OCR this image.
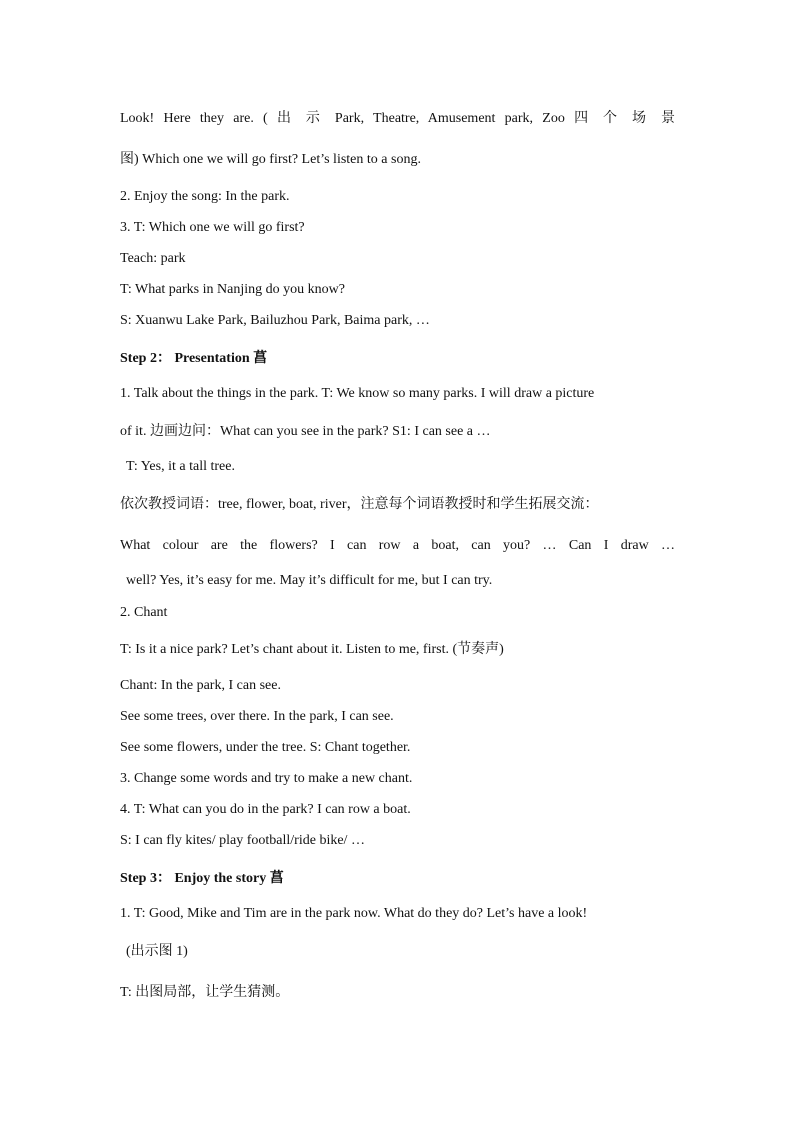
Look! Here they are. ( 出 示 Park, Theatre, Amusement park, Zoo 四 个 场 景
图) Which one we will go first? Let’s listen to a song.
2. Enjoy the song: In the park.
3. T: Which one we will go first?
Teach: park
T: What parks in Nanjing do you know?
S: Xuanwu Lake Park, Bailuzhou Park, Baima park, …
Step 2： Presentation 菖
1. Talk about the things in the park. T: We know so many parks. I will draw a picture
of it. 边画边问：What can you see in the park? S1: I can see a …
T: Yes, it a tall tree.
依次教授词语：tree, flower, boat, river，注意每个词语教授时和学生拓展交流：
What colour are the flowers? I can row a boat, can you? … Can I draw …
well? Yes, it’s easy for me. May it’s difficult for me, but I can try.
2. Chant
T: Is it a nice park? Let’s chant about it. Listen to me, first. (节奏声)
Chant: In the park, I can see.
See some trees, over there. In the park, I can see.
See some flowers, under the tree. S: Chant together.
3. Change some words and try to make a new chant.
4. T: What can you do in the park? I can row a boat.
S: I can fly kites/ play football/ride bike/ …
Step 3： Enjoy the story 菖
1. T: Good, Mike and Tim are in the park now. What do they do? Let’s have a look!
(出示图 1)
T: 出图局部，让学生猜测。
